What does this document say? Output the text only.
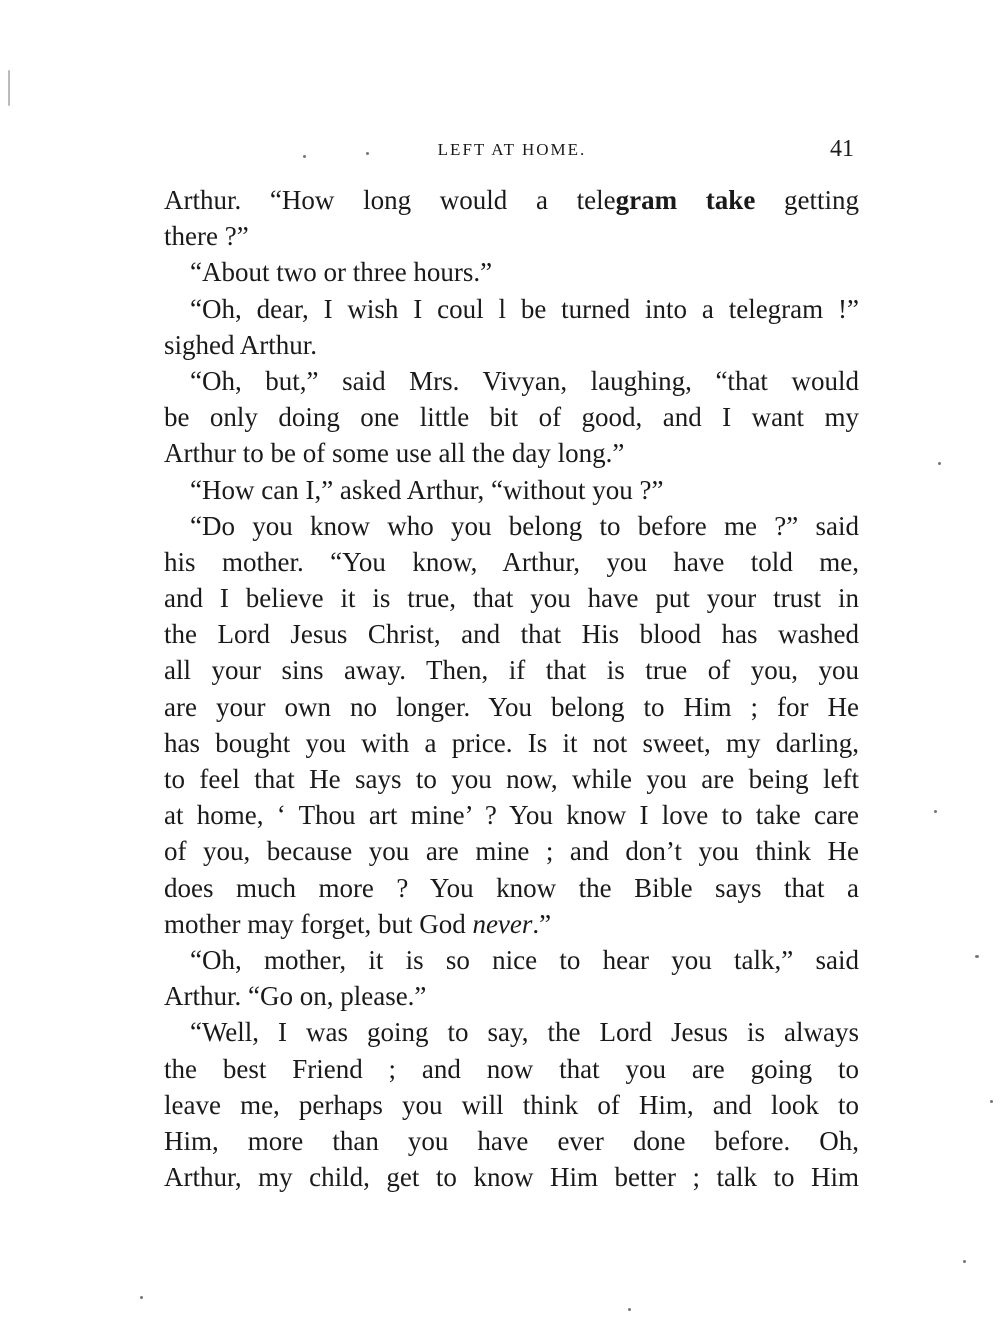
LEFT AT HOME.	41
Arthur. “How long would a telegram take getting
there ?”
“About two or three hours.”
“Oh, dear, I wish I coul l be turned into a telegram !”
sighed Arthur.
“Oh, but,” said Mrs. Vivyan, laughing, “that would
be only doing one little bit of good, and I want my
Arthur to be of some use all the day long.”
“How can I,” asked Arthur, “without you ?”
“Do you know who you belong to before me ?” said
his mother. “You know, Arthur, you have told me,
and I believe it is true, that you have put your trust in
the Lord Jesus Christ, and that His blood has washed
all your sins away. Then, if that is true of you, you
are your own no longer. You belong to Him ; for He
has bought you with a price. Is it not sweet, my darling,
to feel that He says to you now, while you are being left
at home, ‘ Thou art mine’ ? You know I love to take care
of you, because you are mine ; and don’t you think He
does much more ? You know the Bible says that a
mother may forget, but God never.”
“Oh, mother, it is so nice to hear you talk,” said
Arthur. “Go on, please.”
“Well, I was going to say, the Lord Jesus is always
the best Friend ; and now that you are going to
leave me, perhaps you will think of Him, and look to
Him, more than you have ever done before. Oh,
Arthur, my child, get to know Him better ; talk to Him
